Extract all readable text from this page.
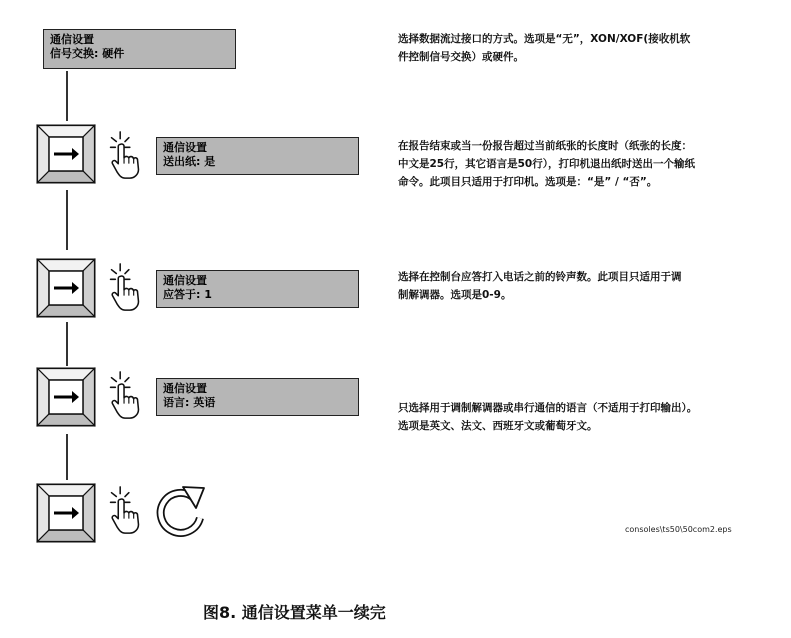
通信设置
信号交换: 硬件
选择数据流过接口的方式。选项是“无”，XON/XOF(接收机软
件控制信号交换）或硬件。
通信设置
送出纸: 是
在报告结束或当一份报告超过当前纸张的长度时（纸张的长度：
中文是25行，其它语言是50行），打印机退出纸时送出一个输纸
命令。此项目只适用于打印机。选项是：“是” / “否”。
通信设置
应答于: 1
选择在控制台应答打入电话之前的铃声数。此项目只适用于调
制解调器。选项是0-9。
通信设置
语言: 英语	只选择用于调制解调器或串行通信的语言（不适用于打印输出）。
选项是英文、法文、西班牙文或葡萄牙文。
consoles\ts50\50com2.eps
图8. 通信设置菜单一续完
